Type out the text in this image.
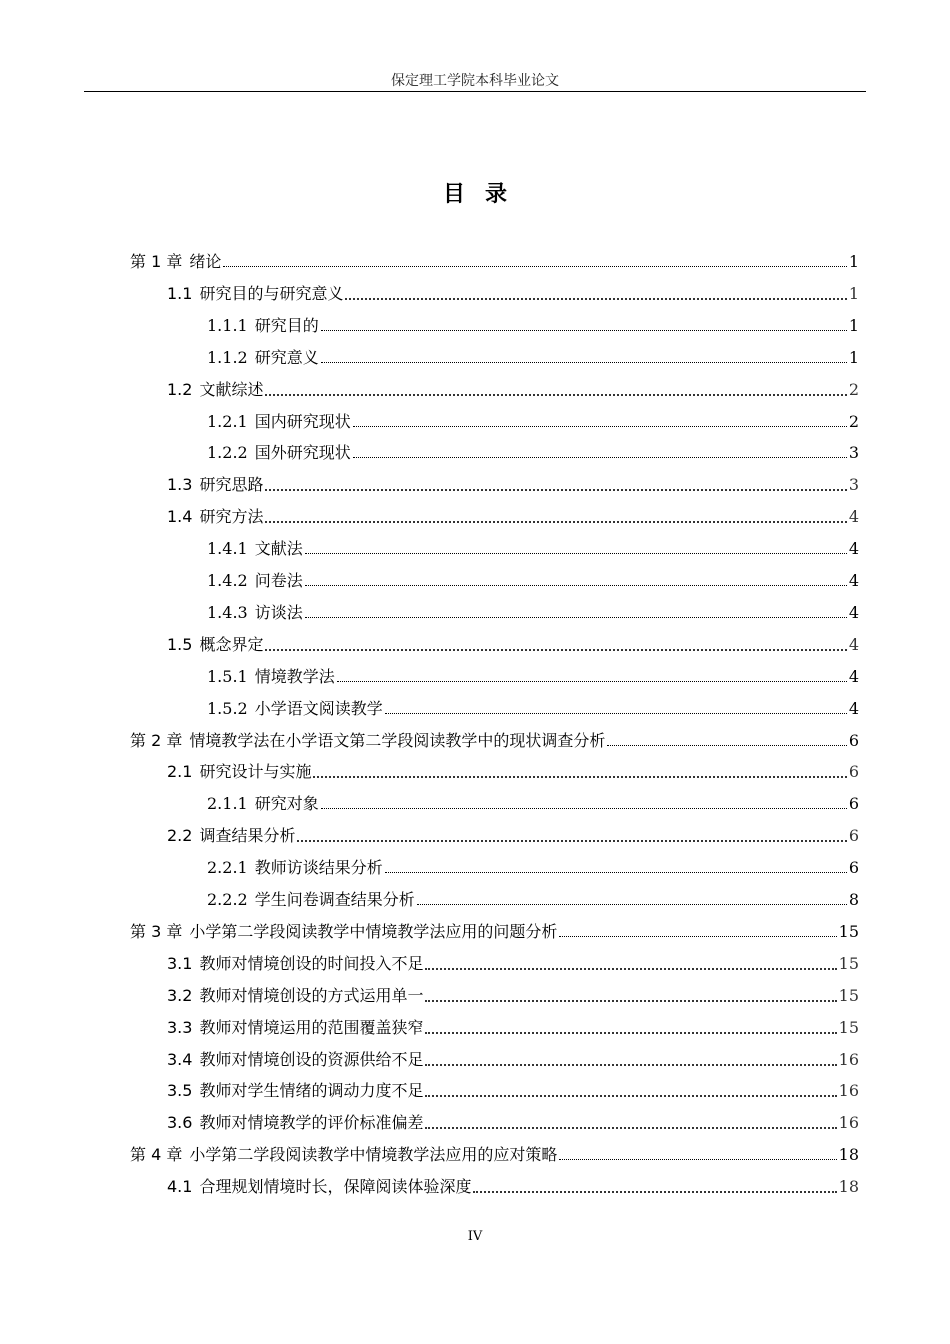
保定理工学院本科毕业论文
目录
第 1 章 绪论	1
1.1 研究目的与研究意义	1
1.1.1 研究目的	1
1.1.2 研究意义	1
1.2 文献综述	2
1.2.1 国内研究现状	2
1.2.2 国外研究现状	3
1.3 研究思路	3
1.4 研究方法	4
1.4.1 文献法	4
1.4.2 问卷法	4
1.4.3 访谈法	4
1.5 概念界定	4
1.5.1 情境教学法	4
1.5.2 小学语文阅读教学	4
第 2 章 情境教学法在小学语文第二学段阅读教学中的现状调查分析	6
2.1 研究设计与实施	6
2.1.1 研究对象	6
2.2 调查结果分析	6
2.2.1 教师访谈结果分析	6
2.2.2 学生问卷调查结果分析	8
第 3 章 小学第二学段阅读教学中情境教学法应用的问题分析	15
3.1 教师对情境创设的时间投入不足	15
3.2 教师对情境创设的方式运用单一	15
3.3 教师对情境运用的范围覆盖狭窄	15
3.4 教师对情境创设的资源供给不足	16
3.5 教师对学生情绪的调动力度不足	16
3.6 教师对情境教学的评价标准偏差	16
第 4 章 小学第二学段阅读教学中情境教学法应用的应对策略	18
4.1 合理规划情境时长，保障阅读体验深度	18
IV
